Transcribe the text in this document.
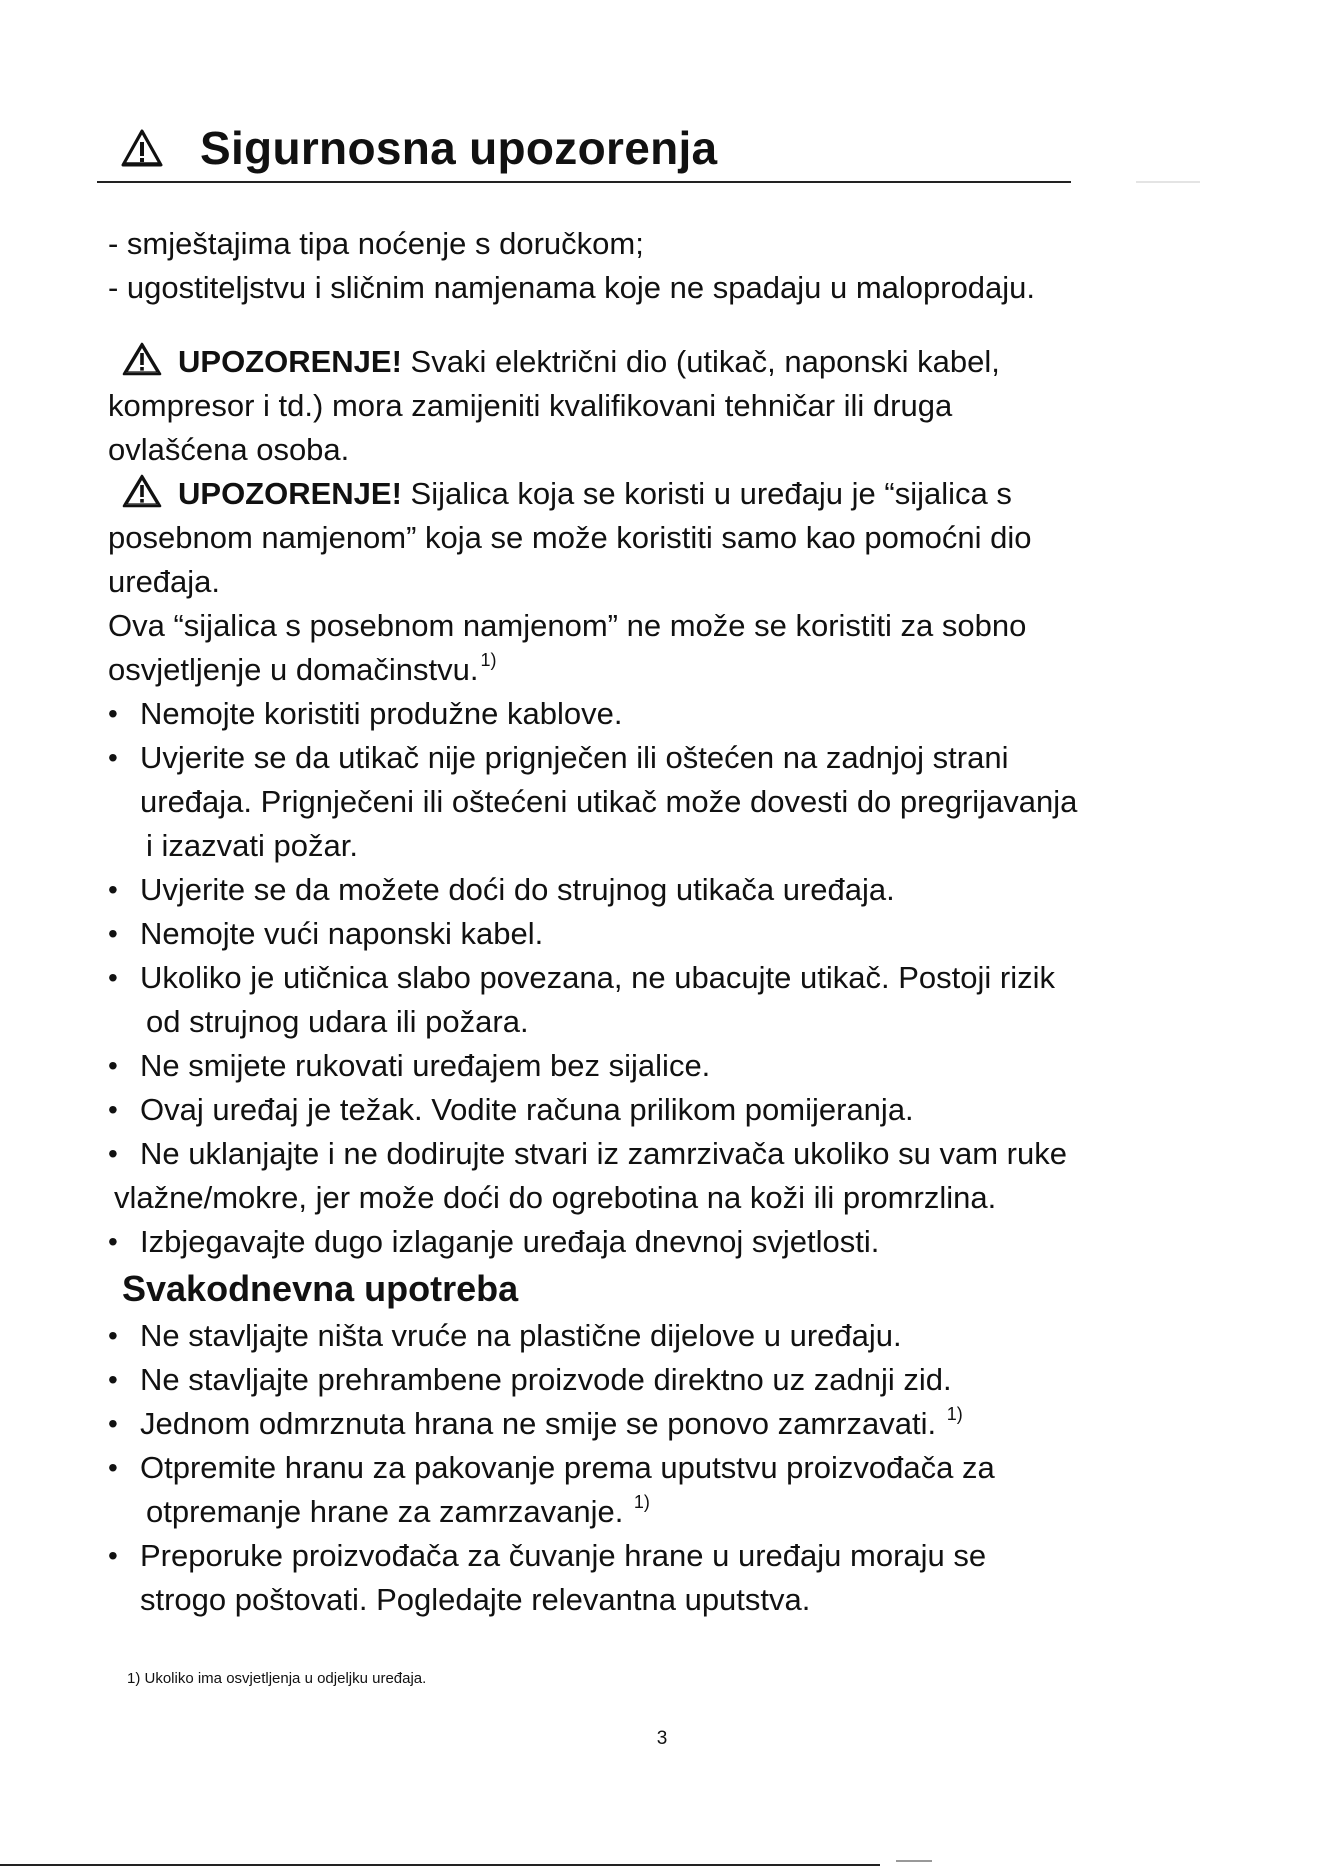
Sigurnosna upozorenja
- smještajima tipa noćenje s doručkom;
- ugostiteljstvu i sličnim namjenama koje ne spadaju u maloprodaju.
UPOZORENJE! Svaki električni dio (utikač, naponski kabel,
kompresor i td.) mora zamijeniti kvalifikovani tehničar ili druga
ovlašćena osoba.
UPOZORENJE! Sijalica koja se koristi u uređaju je “sijalica s
posebnom namjenom” koja se može koristiti samo kao pomoćni dio
uređaja.
Ova “sijalica s posebnom namjenom” ne može se koristiti za sobno
osvjetljenje u domačinstvu. $^{1)}$
• Nemojte koristiti produžne kablove.
• Uvjerite se da utikač nije prignječen ili oštećen na zadnjoj strani
uređaja. Prignječeni ili oštećeni utikač može dovesti do pregrijavanja
i izazvati požar.
• Uvjerite se da možete doći do strujnog utikača uređaja.
• Nemojte vući naponski kabel.
• Ukoliko je utičnica slabo povezana, ne ubacujte utikač. Postoji rizik
od strujnog udara ili požara.
• Ne smijete rukovati uređajem bez sijalice.
• Ovaj uređaj je težak. Vodite računa prilikom pomijeranja.
• Ne uklanjajte i ne dodirujte stvari iz zamrzivača ukoliko su vam ruke
vlažne/mokre, jer može doći do ogrebotina na koži ili promrzlina.
• Izbjegavajte dugo izlaganje uređaja dnevnoj svjetlosti.
Svakodnevna upotreba
• Ne stavljajte ništa vruće na plastične dijelove u uređaju.
• Ne stavljajte prehrambene proizvode direktno uz zadnji zid.
• Jednom odmrznuta hrana ne smije se ponovo zamrzavati. $^{1)}$
• Otpremite hranu za pakovanje prema uputstvu proizvođača za
otpremanje hrane za zamrzavanje. $^{1)}$
• Preporuke proizvođača za čuvanje hrane u uređaju moraju se
strogo poštovati. Pogledajte relevantna uputstva.
1) Ukoliko ima osvjetljenja u odjeljku uređaja.
3
